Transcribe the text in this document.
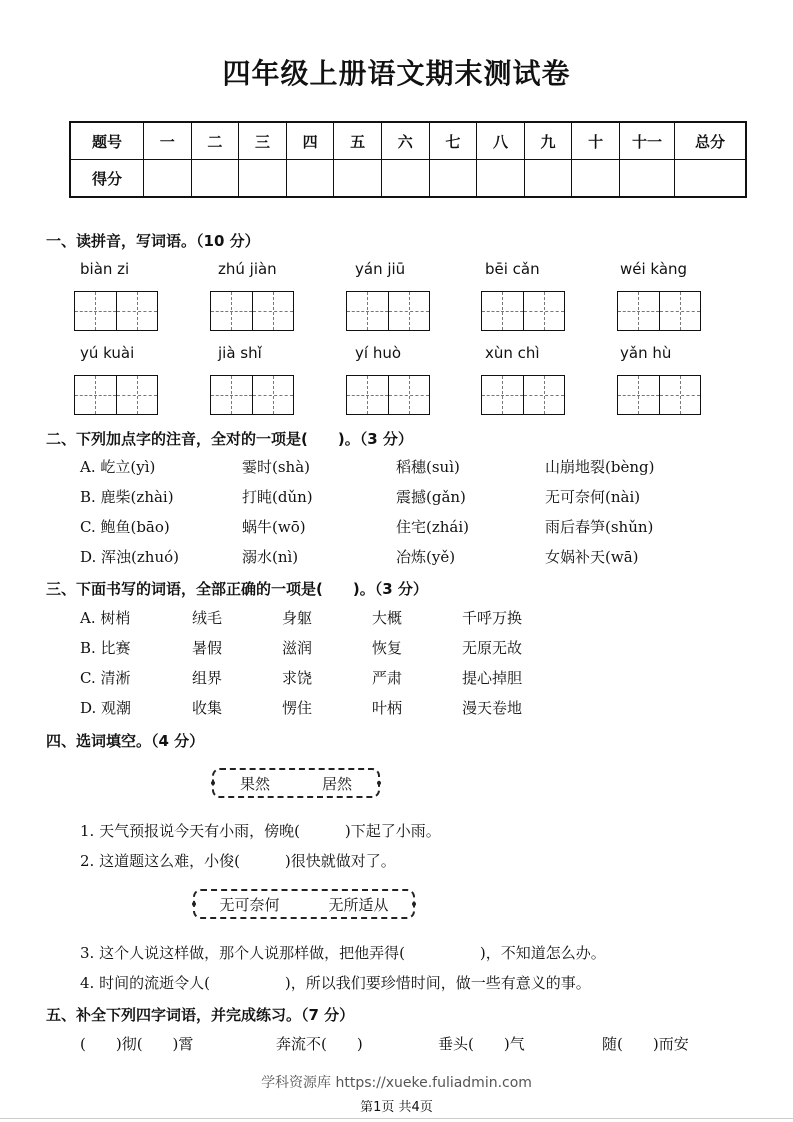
四年级上册语文期末测试卷
题号	一	二	三	四	五	六	七	八	九	十	十一	总分
得分												
一、读拼音，写词语。（10 分）
biàn zi	zhú jiàn	yán jiū	bēi cǎn	wéi kàng
yú kuài	jià shǐ	yí huò	xùn chì	yǎn hù
二、下列加点字的注音，全对的一项是(　　)。（3 分）
A. 屹立(yì)	霎时(shà)	稻穗(suì)	山崩地裂(bèng)
B. 鹿柴(zhài)	打盹(dǔn)	震撼(gǎn)	无可奈何(nài)
C. 鲍鱼(bāo)	蜗牛(wō)	住宅(zhái)	雨后春笋(shǔn)
D. 浑浊(zhuó)	溺水(nì)	冶炼(yě)	女娲补天(wā)
三、下面书写的词语，全部正确的一项是(　　)。（3 分）
A. 树梢	绒毛	身躯	大概	千呼万换
B. 比赛	暑假	滋润	恢复	无原无故
C. 清淅	组界	求饶	严肃	提心掉胆
D. 观潮	收集	愣住	叶柄	漫天卷地
四、选词填空。（4 分）
果然	居然
1. 天气预报说今天有小雨，傍晚(　　　)下起了小雨。
2. 这道题这么难，小俊(　　　)很快就做对了。
无可奈何	无所适从
3. 这个人说这样做，那个人说那样做，把他弄得(　　　　　)，不知道怎么办。
4. 时间的流逝令人(　　　　　)，所以我们要珍惜时间，做一些有意义的事。
五、补全下列四字词语，并完成练习。（7 分）
(　　)彻(　　)霄	奔流不(　　)	垂头(　　)气	随(　　)而安
学科资源库 https://xueke.fuliadmin.com
第1页 共4页
